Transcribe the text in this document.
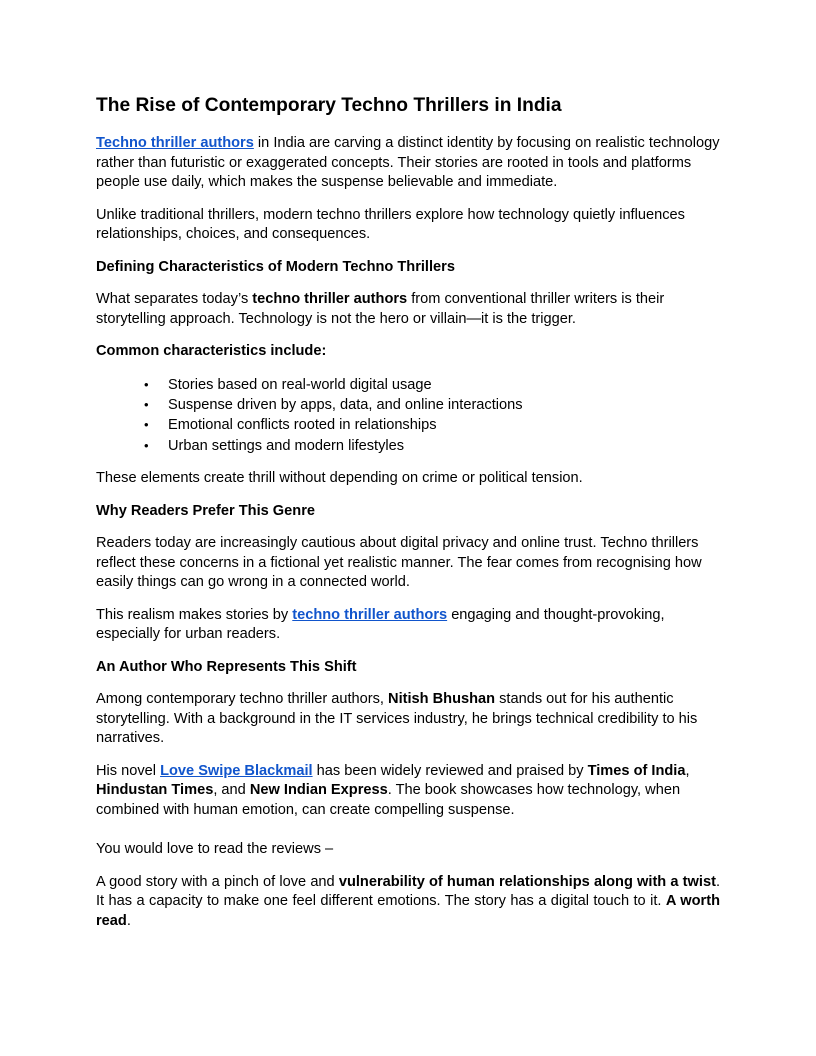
The Rise of Contemporary Techno Thrillers in India

Techno thriller authors in India are carving a distinct identity by focusing on realistic technology rather than futuristic or exaggerated concepts. Their stories are rooted in tools and platforms people use daily, which makes the suspense believable and immediate.

Unlike traditional thrillers, modern techno thrillers explore how technology quietly influences relationships, choices, and consequences.

Defining Characteristics of Modern Techno Thrillers

What separates today’s techno thriller authors from conventional thriller writers is their storytelling approach. Technology is not the hero or villain—it is the trigger.

Common characteristics include:

• Stories based on real-world digital usage
• Suspense driven by apps, data, and online interactions
• Emotional conflicts rooted in relationships
• Urban settings and modern lifestyles

These elements create thrill without depending on crime or political tension.

Why Readers Prefer This Genre

Readers today are increasingly cautious about digital privacy and online trust. Techno thrillers reflect these concerns in a fictional yet realistic manner. The fear comes from recognising how easily things can go wrong in a connected world.

This realism makes stories by techno thriller authors engaging and thought-provoking, especially for urban readers.

An Author Who Represents This Shift

Among contemporary techno thriller authors, Nitish Bhushan stands out for his authentic storytelling. With a background in the IT services industry, he brings technical credibility to his narratives.

His novel Love Swipe Blackmail has been widely reviewed and praised by Times of India, Hindustan Times, and New Indian Express. The book showcases how technology, when combined with human emotion, can create compelling suspense.

You would love to read the reviews –

A good story with a pinch of love and vulnerability of human relationships along with a twist. It has a capacity to make one feel different emotions. The story has a digital touch to it. A worth read.
